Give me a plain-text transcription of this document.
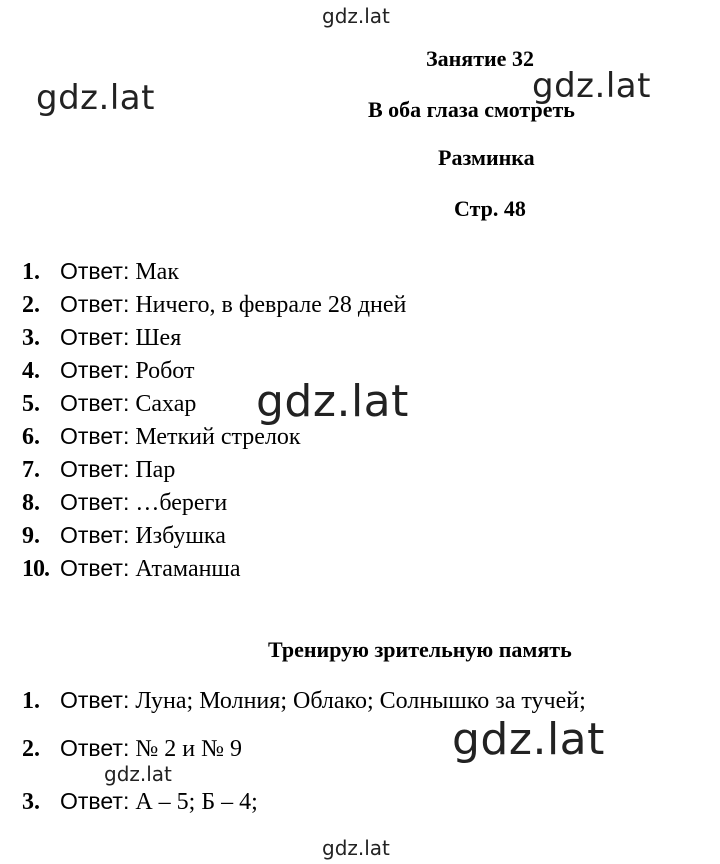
gdz.lat
gdz.lat
Занятие 32
gdz.lat
В оба глаза смотреть
Разминка
Стр. 48
1. Ответ: Мак
2. Ответ: Ничего, в феврале 28 дней
3. Ответ: Шея
4. Ответ: Робот
5. Ответ: Сахар
6. Ответ: Меткий стрелок
7. Ответ: Пар
8. Ответ: …береги
9. Ответ: Избушка
10. Ответ: Атаманша
gdz.lat
Тренирую зрительную память
1. Ответ: Луна; Молния; Облако; Солнышко за тучей;
2. Ответ: № 2 и № 9
3. Ответ: А – 5; Б – 4;
gdz.lat
gdz.lat
gdz.lat
